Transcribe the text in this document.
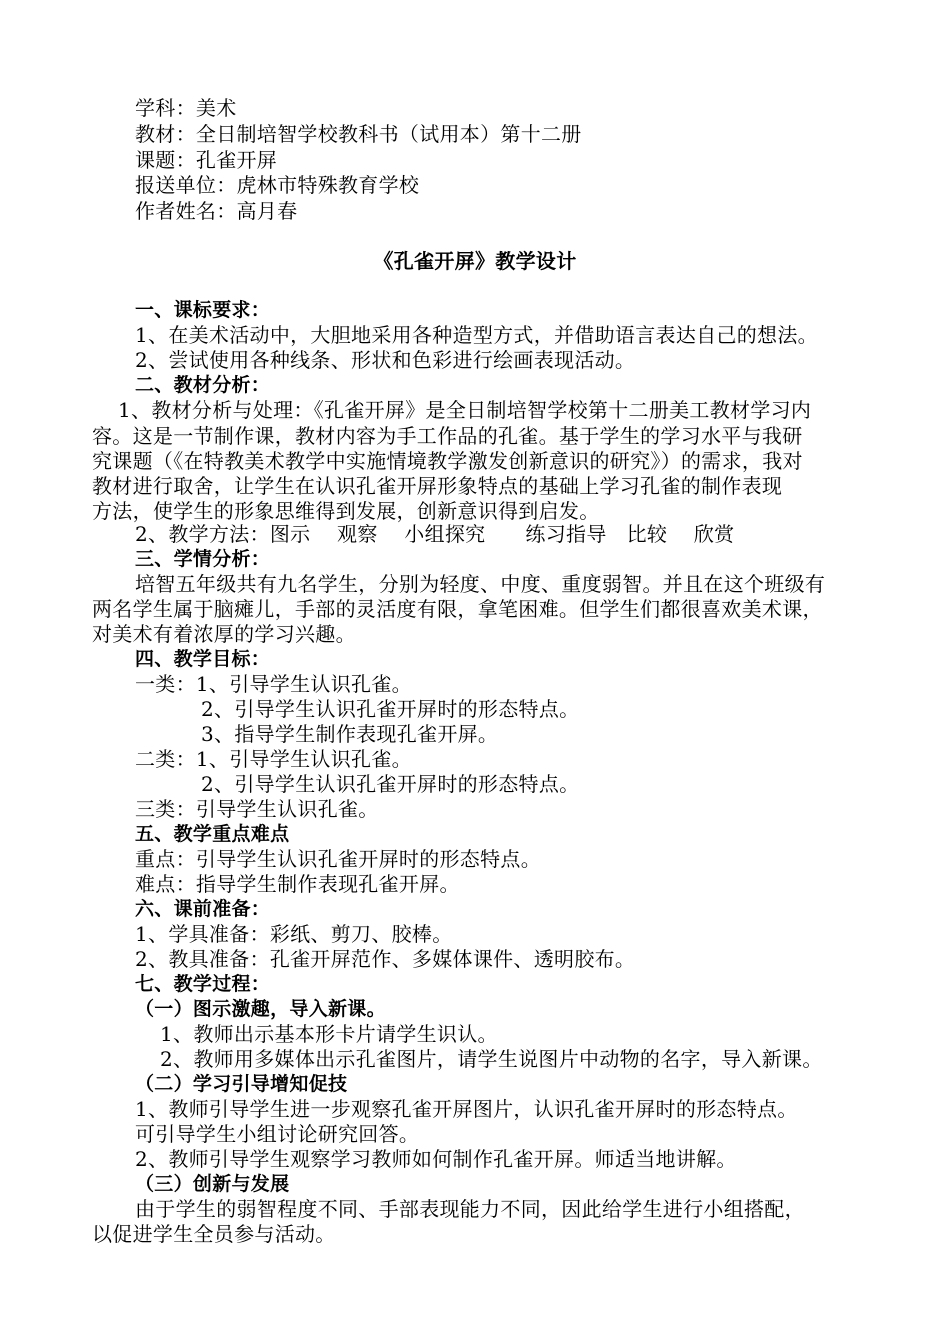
学科：美术
教材：全日制培智学校教科书（试用本）第十二册
课题：孔雀开屏
报送单位：虎林市特殊教育学校
作者姓名：高月春
《孔雀开屏》教学设计
一、课标要求：
1、在美术活动中，大胆地采用各种造型方式，并借助语言表达自己的想法。
2、尝试使用各种线条、形状和色彩进行绘画表现活动。
二、教材分析：
1、教材分析与处理：《孔雀开屏》是全日制培智学校第十二册美工教材学习内
容。这是一节制作课，教材内容为手工作品的孔雀。基于学生的学习水平与我研
究课题（《在特教美术教学中实施情境教学激发创新意识的研究》）的需求，我对
教材进行取舍，让学生在认识孔雀开屏形象特点的基础上学习孔雀的制作表现
方法，使学生的形象思维得到发展，创新意识得到启发。
2、教学方法：图示    观察    小组探究      练习指导   比较    欣赏
三、学情分析：
培智五年级共有九名学生，分别为轻度、中度、重度弱智。并且在这个班级有
两名学生属于脑瘫儿，手部的灵活度有限，拿笔困难。但学生们都很喜欢美术课，
对美术有着浓厚的学习兴趣。
四、教学目标：
一类：1、引导学生认识孔雀。
2、引导学生认识孔雀开屏时的形态特点。
3、指导学生制作表现孔雀开屏。
二类：1、引导学生认识孔雀。
2、引导学生认识孔雀开屏时的形态特点。
三类：引导学生认识孔雀。
五、教学重点难点
重点：引导学生认识孔雀开屏时的形态特点。
难点：指导学生制作表现孔雀开屏。
六、课前准备：
1、学具准备：彩纸、剪刀、胶棒。
2、教具准备：孔雀开屏范作、多媒体课件、透明胶布。
七、教学过程：
（一）图示激趣，导入新课。
1、教师出示基本形卡片请学生识认。
2、教师用多媒体出示孔雀图片，请学生说图片中动物的名字，导入新课。
（二）学习引导增知促技
1、教师引导学生进一步观察孔雀开屏图片，认识孔雀开屏时的形态特点。
可引导学生小组讨论研究回答。
2、教师引导学生观察学习教师如何制作孔雀开屏。师适当地讲解。
（三）创新与发展
由于学生的弱智程度不同、手部表现能力不同，因此给学生进行小组搭配，
以促进学生全员参与活动。
